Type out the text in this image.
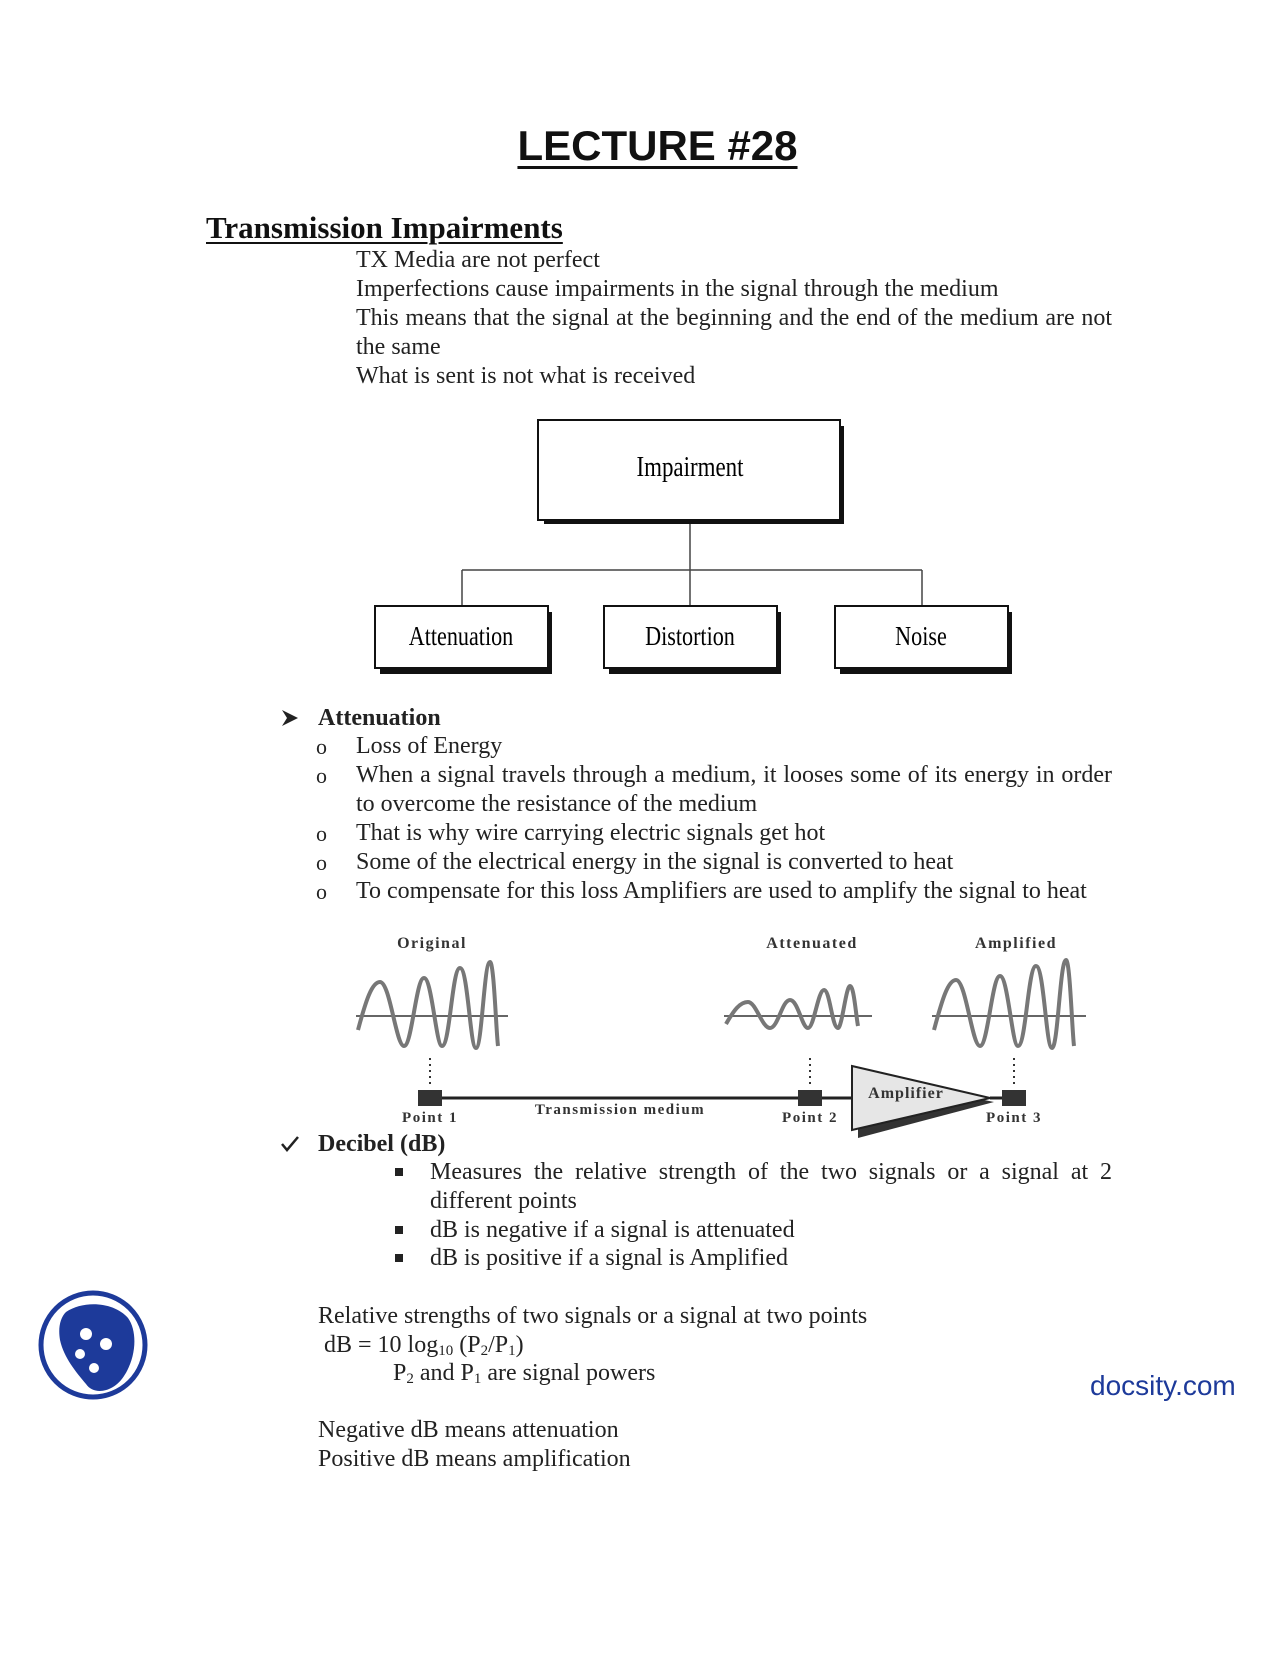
LECTURE #28
Transmission Impairments
TX Media are not perfect
Imperfections cause impairments in the signal through the medium
This means that the signal at the beginning and the end of the medium are not the same
What is sent is not what is received
Impairment
Attenuation	Distortion	Noise
Attenuation
o Loss of Energy
o When a signal travels through a medium, it looses some of its energy in order to overcome the resistance of the medium
o That is why wire carrying electric signals get hot
o Some of the electrical energy in the signal is converted to heat
o To compensate for this loss Amplifiers are used to amplify the signal to heat
Original	Attenuated	Amplified
Amplifier
Point 1	Transmission medium	Point 2	Point 3
Decibel (dB)
Measures the relative strength of the two signals or a signal at 2 different points
dB is negative if a signal is attenuated
dB is positive if a signal is Amplified
Relative strengths of two signals or a signal at two points
dB = 10 $\log_{10} (P_2/P_1)$
$P_2$ and $P_1$ are signal powers
Negative dB means attenuation
Positive dB means amplification
docsity.com
